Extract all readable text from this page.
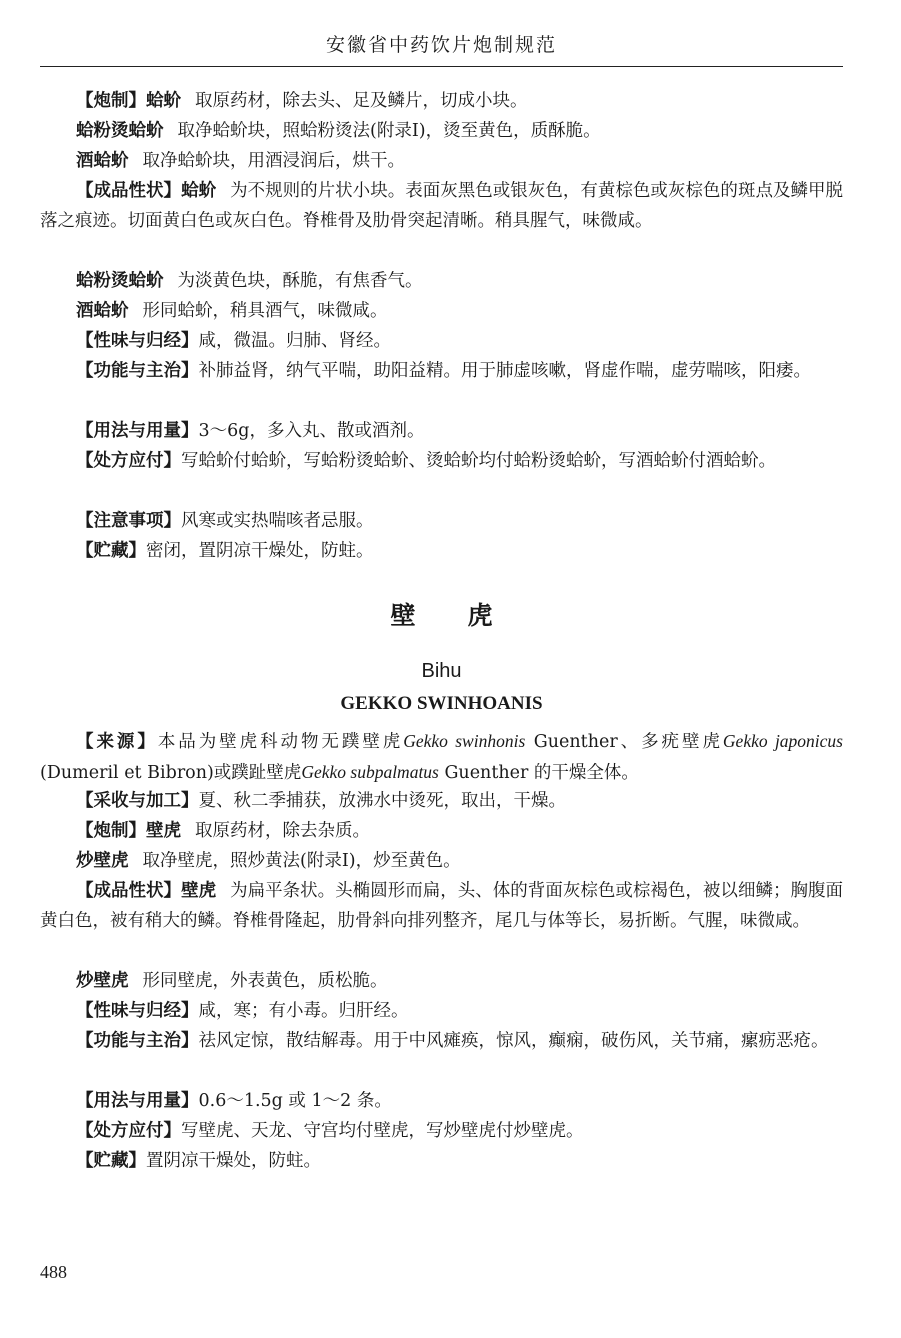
安徽省中药饮片炮制规范

【炮制】蛤蚧 取原药材，除去头、足及鳞片，切成小块。

蛤粉烫蛤蚧 取净蛤蚧块，照蛤粉烫法(附录Ⅰ)，烫至黄色，质酥脆。

酒蛤蚧 取净蛤蚧块，用酒浸润后，烘干。

【成品性状】蛤蚧 为不规则的片状小块。表面灰黑色或银灰色，有黄棕色或灰棕色的斑点及鳞甲脱落之痕迹。切面黄白色或灰白色。脊椎骨及肋骨突起清晰。稍具腥气，味微咸。

蛤粉烫蛤蚧 为淡黄色块，酥脆，有焦香气。

酒蛤蚧 形同蛤蚧，稍具酒气，味微咸。

【性味与归经】咸，微温。归肺、肾经。

【功能与主治】补肺益肾，纳气平喘，助阳益精。用于肺虚咳嗽，肾虚作喘，虚劳喘咳，阳痿。

【用法与用量】3～6g，多入丸、散或酒剂。

【处方应付】写蛤蚧付蛤蚧，写蛤粉烫蛤蚧、烫蛤蚧均付蛤粉烫蛤蚧，写酒蛤蚧付酒蛤蚧。

【注意事项】风寒或实热喘咳者忌服。

【贮藏】密闭，置阴凉干燥处，防蛀。

壁虎
Bihu
GEKKO SWINHOANIS

【来源】本品为壁虎科动物无蹼壁虎Gekko swinhonis Guenther、多疣壁虎Gekko japonicus (Dumeril et Bibron)或蹼趾壁虎Gekko subpalmatus Guenther 的干燥全体。

【采收与加工】夏、秋二季捕获，放沸水中烫死，取出，干燥。

【炮制】壁虎 取原药材，除去杂质。

炒壁虎 取净壁虎，照炒黄法(附录Ⅰ)，炒至黄色。

【成品性状】壁虎 为扁平条状。头椭圆形而扁，头、体的背面灰棕色或棕褐色，被以细鳞；胸腹面黄白色，被有稍大的鳞。脊椎骨隆起，肋骨斜向排列整齐，尾几与体等长，易折断。气腥，味微咸。

炒壁虎 形同壁虎，外表黄色，质松脆。

【性味与归经】咸，寒；有小毒。归肝经。

【功能与主治】祛风定惊，散结解毒。用于中风瘫痪，惊风，癫痫，破伤风，关节痛，瘰疬恶疮。

【用法与用量】0.6～1.5g 或 1～2 条。

【处方应付】写壁虎、天龙、守宫均付壁虎，写炒壁虎付炒壁虎。

【贮藏】置阴凉干燥处，防蛀。

488
